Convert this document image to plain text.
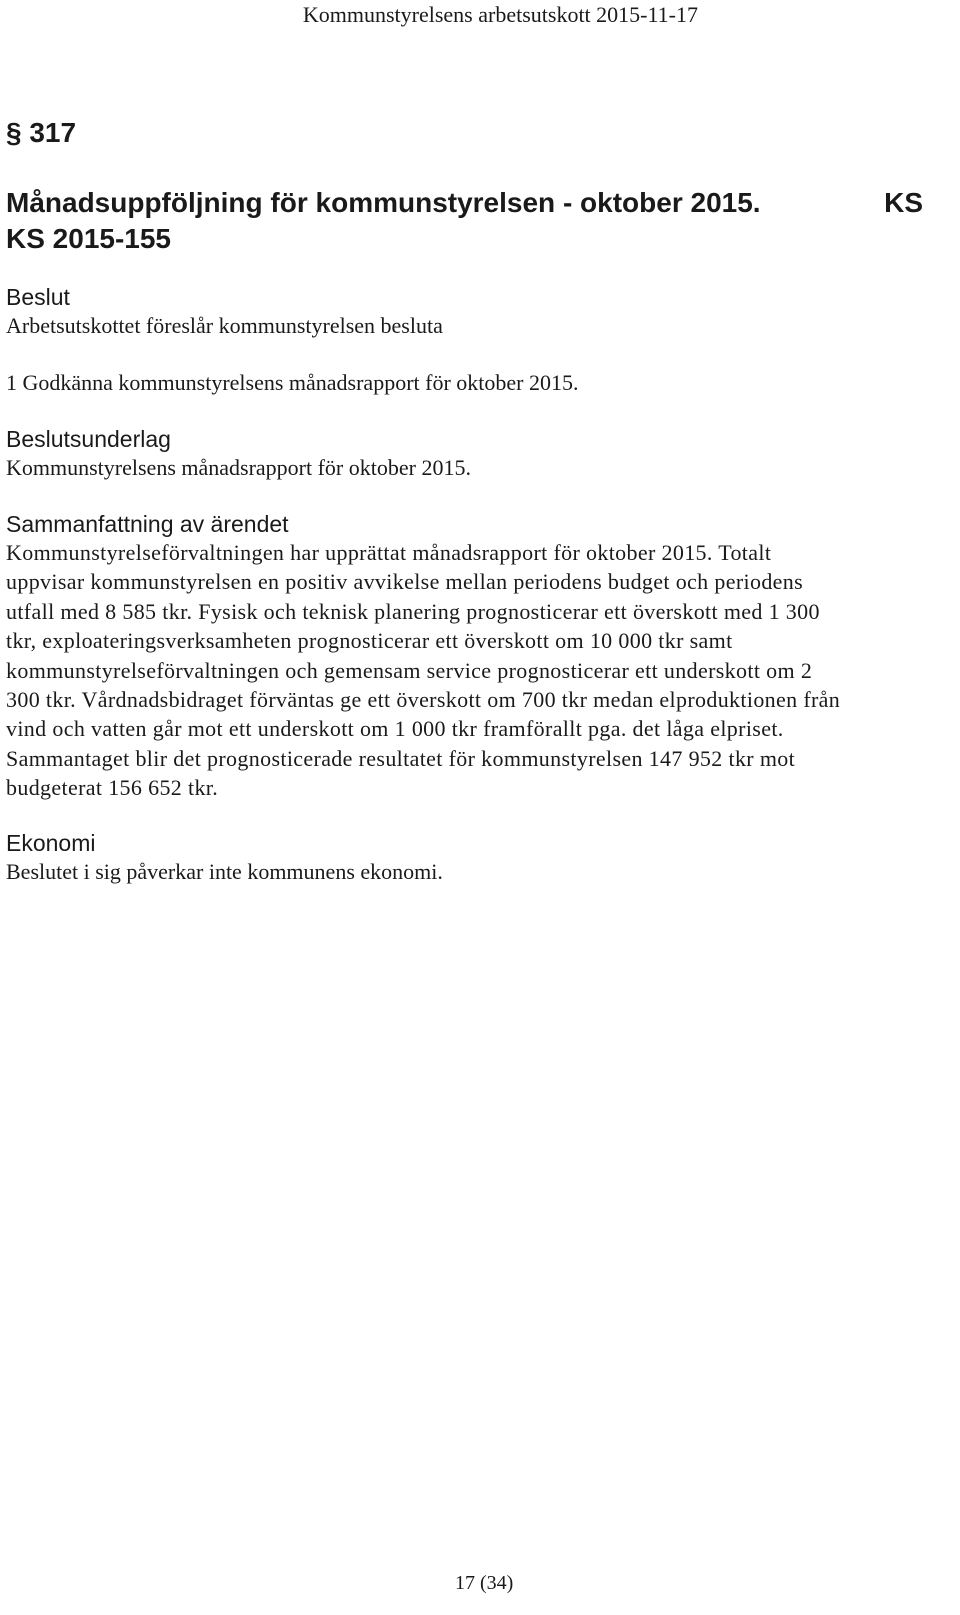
Kommunstyrelsens arbetsutskott 2015-11-17
§ 317
Månadsuppföljning för kommunstyrelsen - oktober 2015.	KS
KS 2015-155
Beslut
Arbetsutskottet föreslår kommunstyrelsen besluta
1 Godkänna kommunstyrelsens månadsrapport för oktober 2015.
Beslutsunderlag
Kommunstyrelsens månadsrapport för oktober 2015.
Sammanfattning av ärendet
Kommunstyrelseförvaltningen har upprättat månadsrapport för oktober 2015. Totalt
uppvisar kommunstyrelsen en positiv avvikelse mellan periodens budget och periodens
utfall med 8 585 tkr. Fysisk och teknisk planering prognosticerar ett överskott med 1 300
tkr, exploateringsverksamheten prognosticerar ett överskott om 10 000 tkr samt
kommunstyrelseförvaltningen och gemensam service prognosticerar ett underskott om 2
300 tkr. Vårdnadsbidraget förväntas ge ett överskott om 700 tkr medan elproduktionen från
vind och vatten går mot ett underskott om 1 000 tkr framförallt pga. det låga elpriset.
Sammantaget blir det prognosticerade resultatet för kommunstyrelsen 147 952 tkr mot
budgeterat 156 652 tkr.
Ekonomi
Beslutet i sig påverkar inte kommunens ekonomi.
17 (34)
